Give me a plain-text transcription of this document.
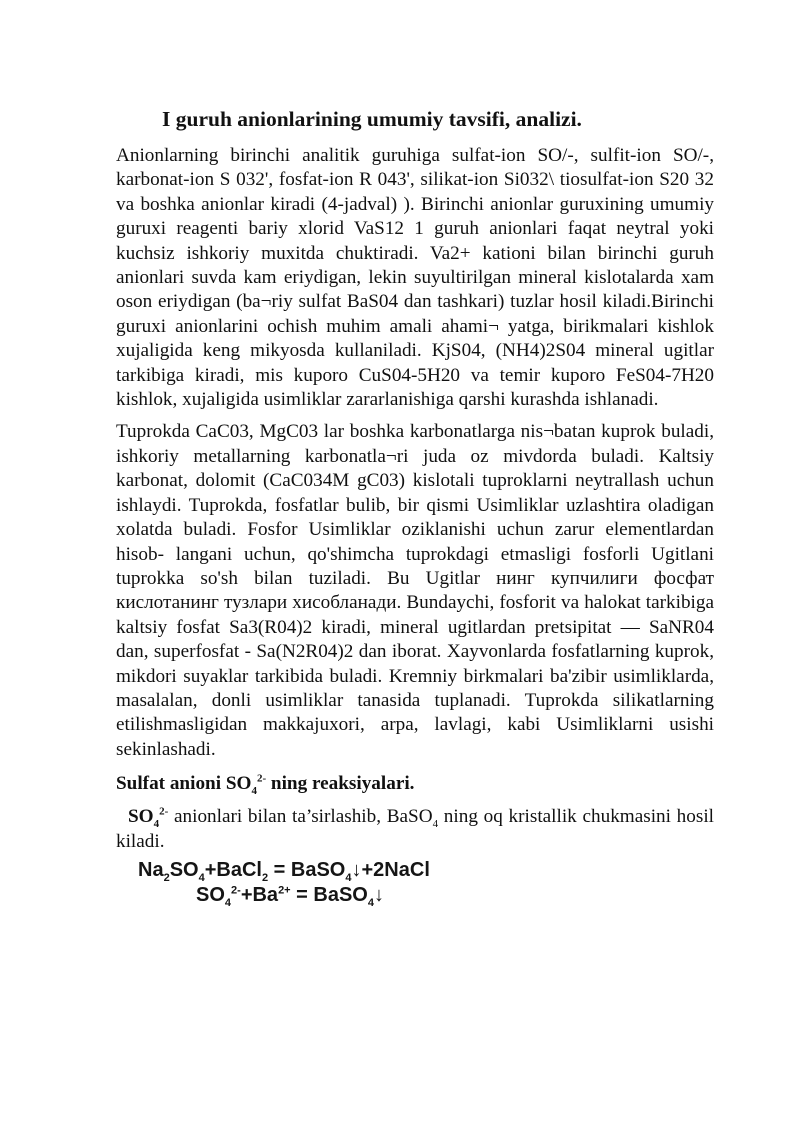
I guruh anionlarining umumiy tavsifi, analizi.

Anionlarning birinchi analitik guruhiga sulfat-ion SO/-, sulfit-ion SO/-, karbonat-ion S 032', fosfat-ion R 043', silikat-ion Si032\ tiosulfat-ion S20 32 va boshka anionlar kiradi (4-jadval) ). Birinchi anionlar guruxining umumiy guruxi reagenti bariy xlorid VaS12 1 guruh anionlari faqat neytral yoki kuchsiz ishkoriy muxitda chuktiradi. Va2+ kationi bilan birinchi guruh anionlari suvda kam eriydigan, lekin suyultirilgan mineral kislotalarda xam oson eriydigan (ba¬riy sulfat BaS04 dan tashkari) tuzlar hosil kiladi.Birinchi guruxi anionlarini ochish muhim amali ahami¬ yatga, birikmalari kishlok xujaligida keng mikyosda kullaniladi. KjS04, (NH4)2S04 mineral ugitlar tarkibiga kiradi, mis kuporo CuS04-5H20 va temir kuporo FeS04-7H20 kishlok, xujaligida usimliklar zararlanishiga qarshi kurashda ishlanadi.

Tuprokda CaC03, MgC03 lar boshka karbonatlarga nis¬batan kuprok buladi, ishkoriy metallarning karbonatla¬ri juda oz mivdorda buladi. Kaltsiy karbonat, dolomit (CaC034M gC03) kislotali tuproklarni neytrallash uchun ishlaydi. Tuprokda, fosfatlar bulib, bir qismi Usimliklar uzlashtira oladigan xolatda buladi. Fosfor Usimliklar oziklanishi uchun zarur elementlardan hisob- langani uchun, qo'shimcha tuprokdagi etmasligi fosforli Ugitlani tuprokka so'sh bilan tuziladi. Bu Ugitlar нинг купчилиги фосфат кислотанинг тузлари хисобланади. Bundaychi, fosforit va halokat tarkibiga kaltsiy fosfat Sa3(R04)2 kiradi, mineral ugitlardan pretsipitat — SaNR04 dan, superfosfat - Sa(N2R04)2 dan iborat. Xayvonlarda fosfatlarning kuprok, mikdori suyaklar tarkibida buladi. Kremniy birkmalari ba'zibir usimliklarda, masalalan, donli usimliklar tanasida tuplanadi. Tuprokda silikatlarning etilishmasligidan makkajuxori, arpa, lavlagi, kabi Usimliklarni usishi sekinlashadi.

Sulfat anioni $SO_4^{2-}$ ning reaksiyalari.

$SO_4^{2-}$ anionlari bilan ta’sirlashib, BaSO$_4$ ning oq kristallik chukmasini hosil kiladi.

$Na_2SO_4+BaCl_2$ = BaSO$_4$↓+2NaCl
$SO_4^{2-}+Ba^{2+}$ = BaSO$_4$↓
